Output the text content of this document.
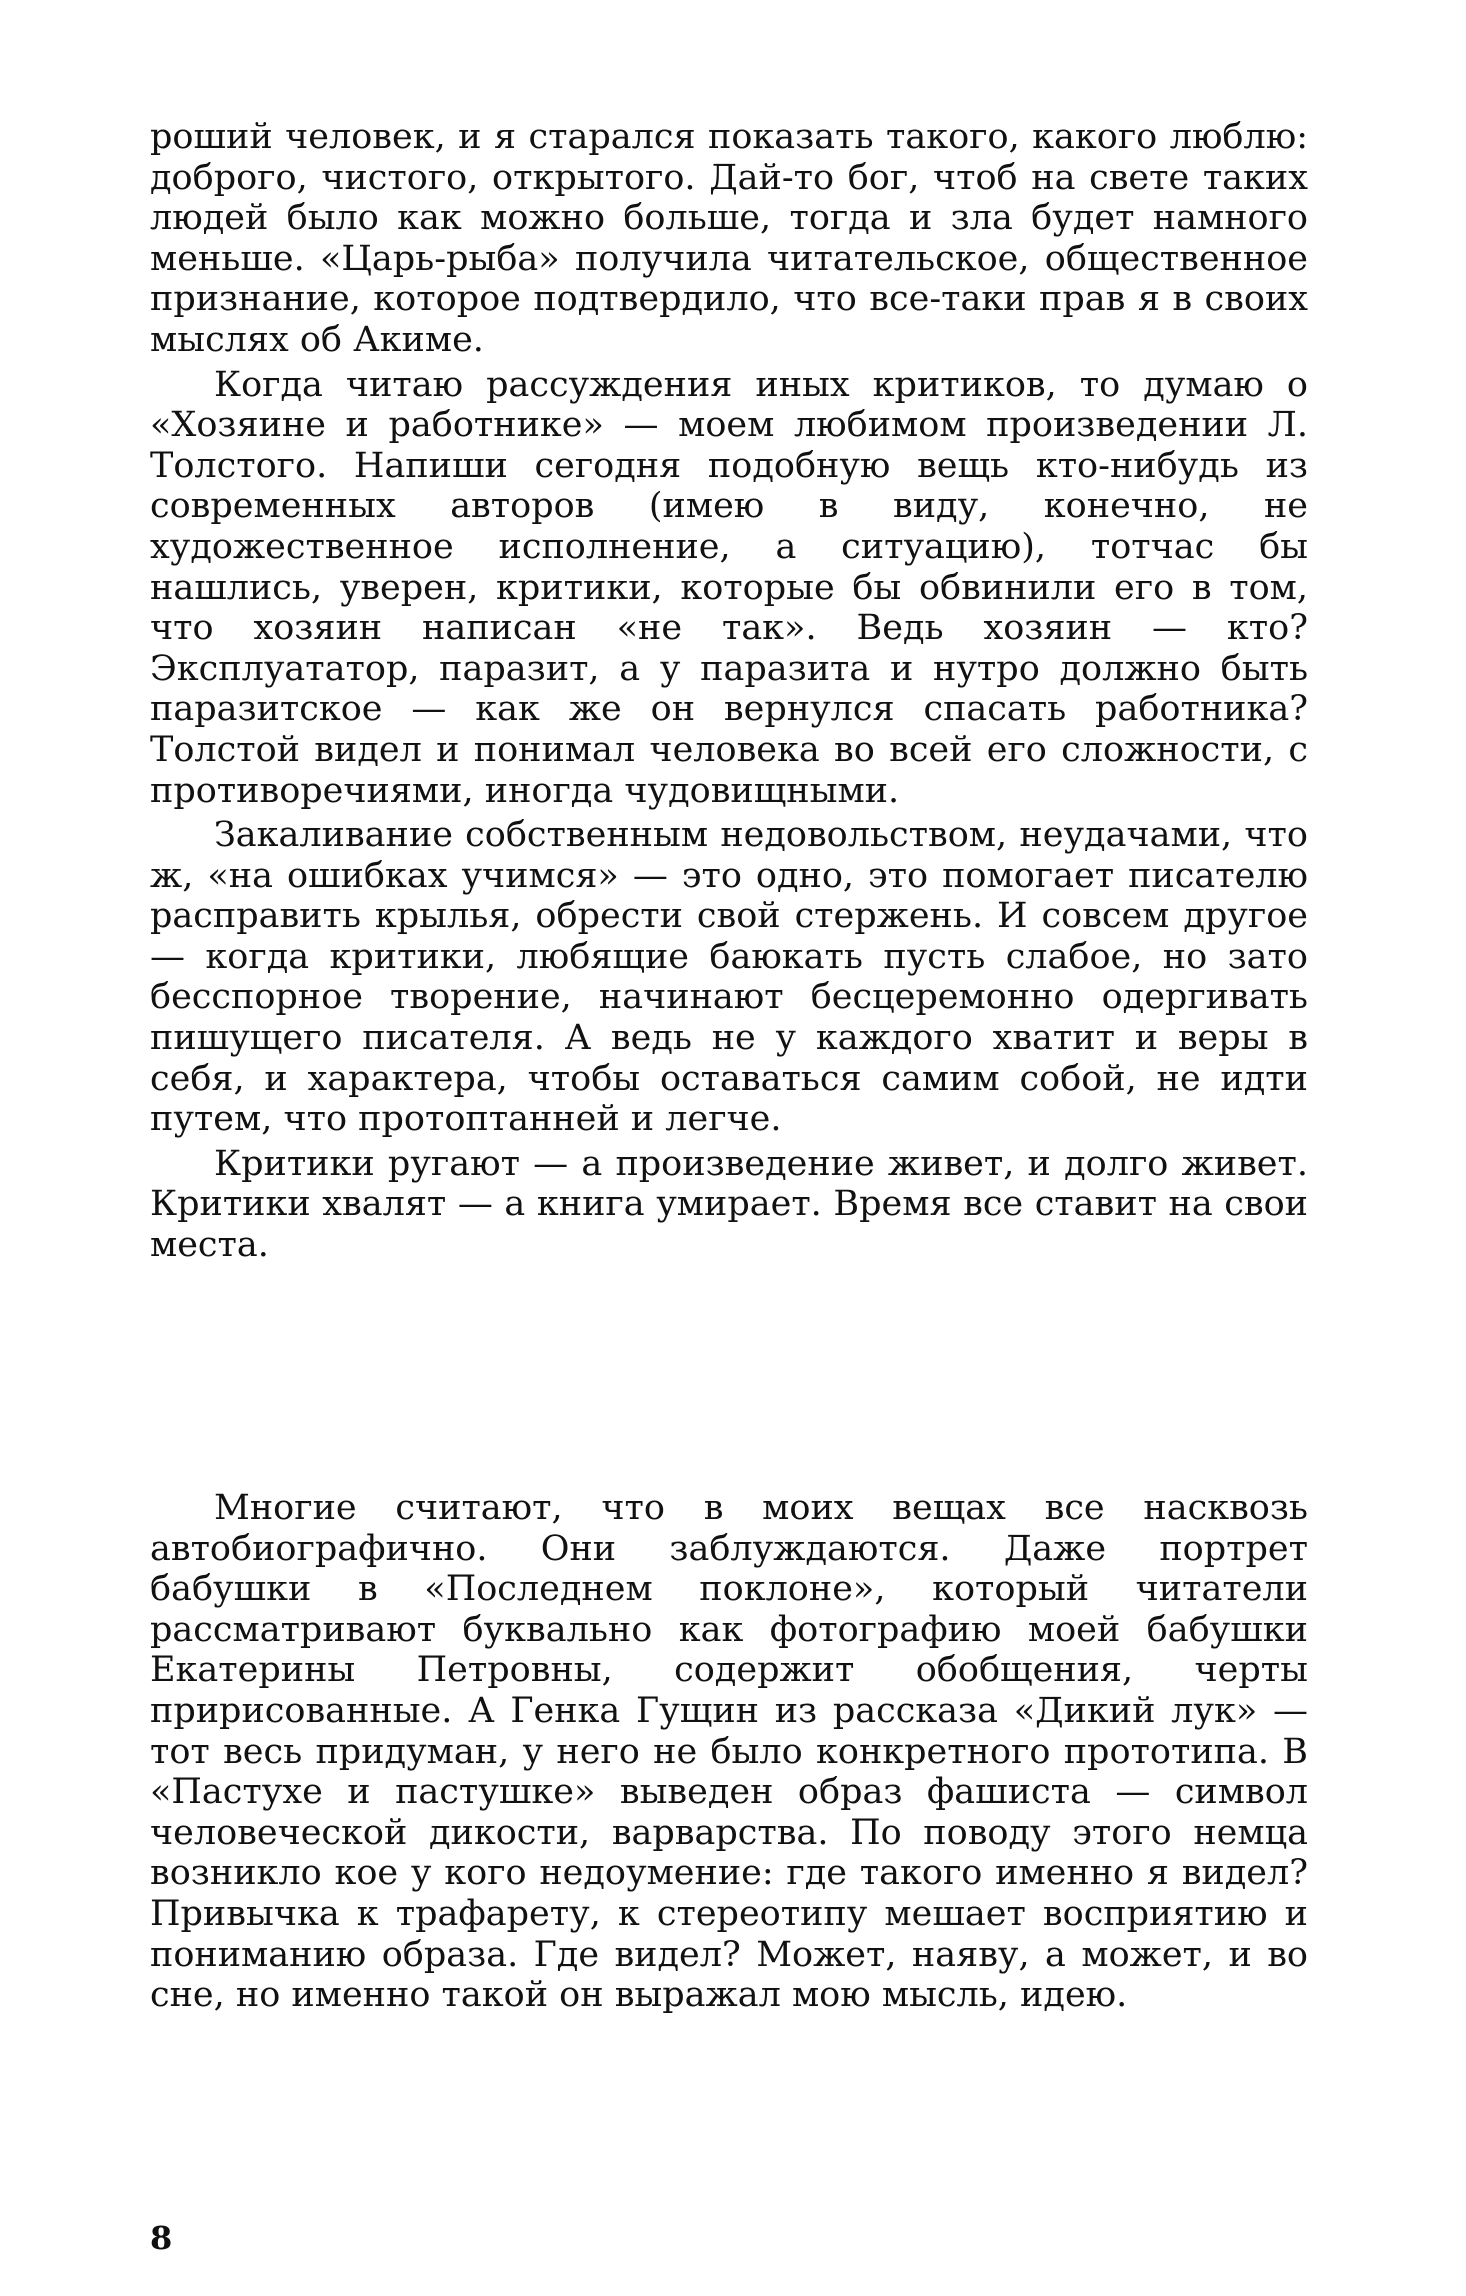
роший человек, и я старался показать такого, какого люблю: доброго, чистого, открытого. Дай-то бог, чтоб на свете таких людей было как можно больше, тогда и зла будет намного меньше. «Царь-рыба» получила читательское, общественное признание, которое подтвердило, что все-таки прав я в своих мыслях об Акиме.

Когда читаю рассуждения иных критиков, то думаю о «Хозяине и работнике» — моем любимом произведении Л. Толстого. Напиши сегодня подобную вещь кто-нибудь из современных авторов (имею в виду, конечно, не художественное исполнение, а ситуацию), тотчас бы нашлись, уверен, критики, которые бы обвинили его в том, что хозяин написан «не так». Ведь хозяин — кто? Эксплуататор, паразит, а у паразита и нутро должно быть паразитское — как же он вернулся спасать работника? Толстой видел и понимал человека во всей его сложности, с противоречиями, иногда чудовищными.

Закаливание собственным недовольством, неудачами, что ж, «на ошибках учимся» — это одно, это помогает писателю расправить крылья, обрести свой стержень. И совсем другое — когда критики, любящие баюкать пусть слабое, но зато бесспорное творение, начинают бесцеремонно одергивать пишущего писателя. А ведь не у каждого хватит и веры в себя, и характера, чтобы оставаться самим собой, не идти путем, что протоптанней и легче.

Критики ругают — а произведение живет, и долго живет. Критики хвалят — а книга умирает. Время все ставит на свои места.

Многие считают, что в моих вещах все насквозь автобиографично. Они заблуждаются. Даже портрет бабушки в «Последнем поклоне», который читатели рассматривают буквально как фотографию моей бабушки Екатерины Петровны, содержит обобщения, черты пририсованные. А Генка Гущин из рассказа «Дикий лук» — тот весь придуман, у него не было конкретного прототипа. В «Пастухе и пастушке» выведен образ фашиста — символ человеческой дикости, варварства. По поводу этого немца возникло кое у кого недоумение: где такого именно я видел? Привычка к трафарету, к стереотипу мешает восприятию и пониманию образа. Где видел? Может, наяву, а может, и во сне, но именно такой он выражал мою мысль, идею.

8
